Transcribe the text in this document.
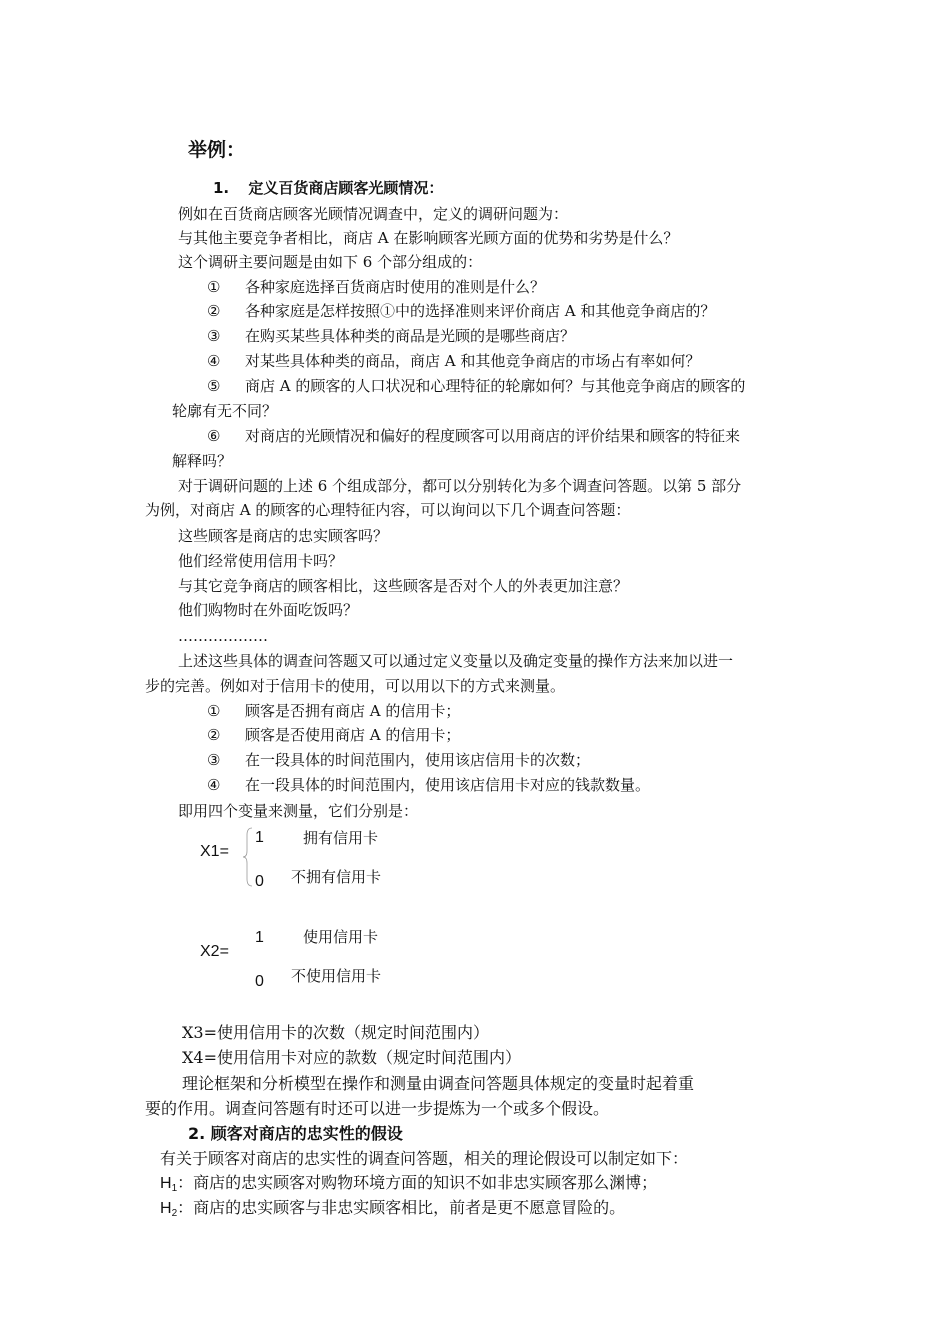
举例：
1. 定义百货商店顾客光顾情况：
例如在百货商店顾客光顾情况调查中，定义的调研问题为：
与其他主要竞争者相比，商店 A 在影响顾客光顾方面的优势和劣势是什么？
这个调研主要问题是由如下 6 个部分组成的：
① 各种家庭选择百货商店时使用的准则是什么？
② 各种家庭是怎样按照①中的选择准则来评价商店 A 和其他竞争商店的？
③ 在购买某些具体种类的商品是光顾的是哪些商店？
④ 对某些具体种类的商品，商店 A 和其他竞争商店的市场占有率如何？
⑤ 商店 A 的顾客的人口状况和心理特征的轮廓如何？与其他竞争商店的顾客的
轮廓有无不同？
⑥ 对商店的光顾情况和偏好的程度顾客可以用商店的评价结果和顾客的特征来
解释吗？
对于调研问题的上述 6 个组成部分，都可以分别转化为多个调查问答题。以第 5 部分
为例，对商店 A 的顾客的心理特征内容，可以询问以下几个调查问答题：
这些顾客是商店的忠实顾客吗？
他们经常使用信用卡吗？
与其它竞争商店的顾客相比，这些顾客是否对个人的外表更加注意？
他们购物时在外面吃饭吗？
………………
上述这些具体的调查问答题又可以通过定义变量以及确定变量的操作方法来加以进一
步的完善。例如对于信用卡的使用，可以用以下的方式来测量。
① 顾客是否拥有商店 A 的信用卡；
② 顾客是否使用商店 A 的信用卡；
③ 在一段具体的时间范围内，使用该店信用卡的次数；
④ 在一段具体的时间范围内，使用该店信用卡对应的钱款数量。
即用四个变量来测量，它们分别是：
X1=
1	拥有信用卡
0 不拥有信用卡
X2=
1	使用信用卡
0 不使用信用卡
X3=使用信用卡的次数（规定时间范围内）
X4=使用信用卡对应的款数（规定时间范围内）
理论框架和分析模型在操作和测量由调查问答题具体规定的变量时起着重
要的作用。调查问答题有时还可以进一步提炼为一个或多个假设。
2. 顾客对商店的忠实性的假设
有关于顾客对商店的忠实性的调查问答题，相关的理论假设可以制定如下：
$H_1$：商店的忠实顾客对购物环境方面的知识不如非忠实顾客那么渊博；
$H_2$：商店的忠实顾客与非忠实顾客相比，前者是更不愿意冒险的。
